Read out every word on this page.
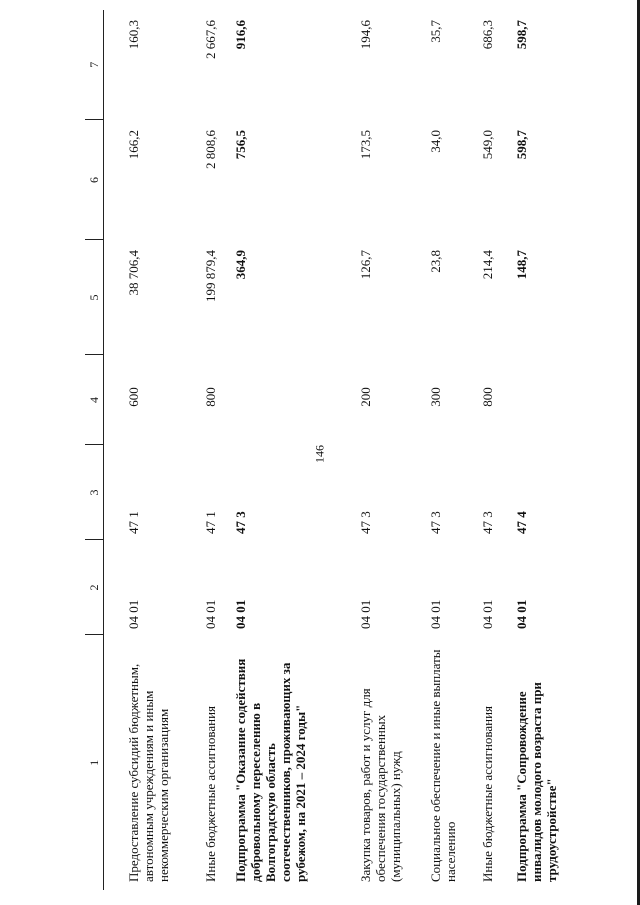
146
1	2	3	4	5	6	7

Предоставление субсидий бюджетным, автономным учреждениям и иным некоммерческим организациям	04 01	47 1	600	38 706,4	166,2	160,3
Иные бюджетные ассигнования	04 01	47 1	800	199 879,4	2 808,6	2 667,6
Подпрограмма "Оказание содействия добровольному переселению в Волгоградскую область соотечественников, проживающих за рубежом, на 2021 – 2024 годы"	04 01	47 3		364,9	756,5	916,6
Закупка товаров, работ и услуг для обеспечения государственных (муниципальных) нужд	04 01	47 3	200	126,7	173,5	194,6
Социальное обеспечение и иные выплаты населению	04 01	47 3	300	23,8	34,0	35,7
Иные бюджетные ассигнования	04 01	47 3	800	214,4	549,0	686,3
Подпрограмма "Сопровождение инвалидов молодого возраста при трудоустройстве"	04 01	47 4		148,7	598,7	598,7
